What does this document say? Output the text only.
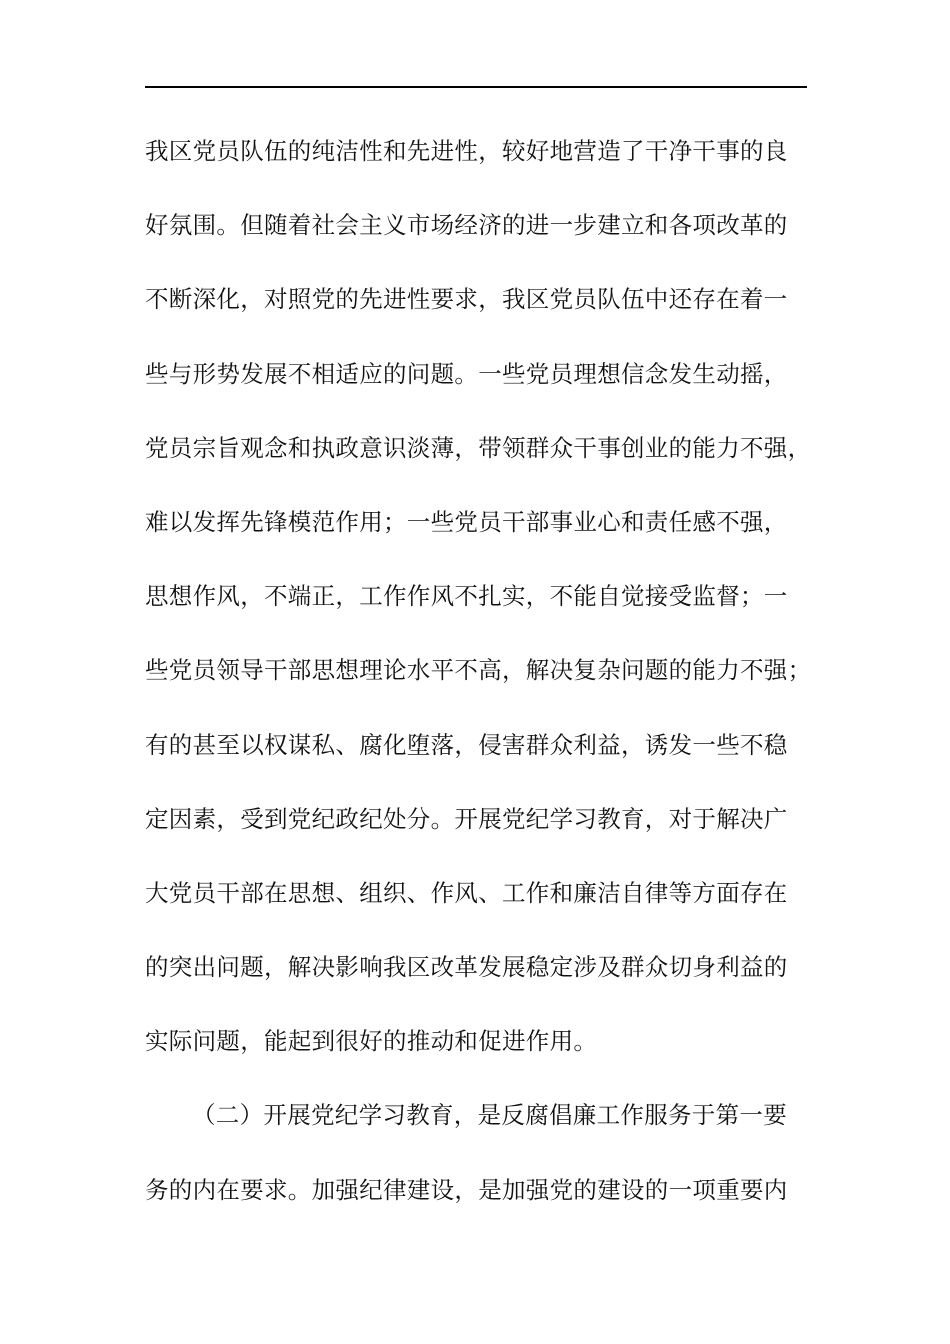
我区党员队伍的纯洁性和先进性，较好地营造了干净干事的良
好氛围。但随着社会主义市场经济的进一步建立和各项改革的
不断深化，对照党的先进性要求，我区党员队伍中还存在着一
些与形势发展不相适应的问题。一些党员理想信念发生动摇，
党员宗旨观念和执政意识淡薄，带领群众干事创业的能力不强，
难以发挥先锋模范作用；一些党员干部事业心和责任感不强，
思想作风，不端正，工作作风不扎实，不能自觉接受监督；一
些党员领导干部思想理论水平不高，解决复杂问题的能力不强；
有的甚至以权谋私、腐化堕落，侵害群众利益，诱发一些不稳
定因素，受到党纪政纪处分。开展党纪学习教育，对于解决广
大党员干部在思想、组织、作风、工作和廉洁自律等方面存在
的突出问题，解决影响我区改革发展稳定涉及群众切身利益的
实际问题，能起到很好的推动和促进作用。
（二）开展党纪学习教育，是反腐倡廉工作服务于第一要
务的内在要求。加强纪律建设，是加强党的建设的一项重要内
